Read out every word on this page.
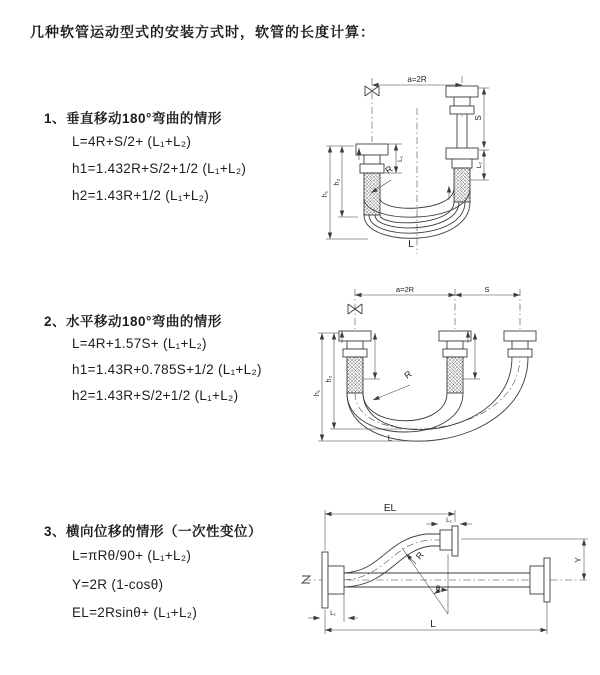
几种软管运动型式的安装方式时，软管的长度计算：
1、垂直移动180°弯曲的情形
L=4R+S/2+ (L₁+L₂)
h1=1.432R+S/2+1/2 (L₁+L₂)
h2=1.43R+1/2 (L₁+L₂)
2、水平移动180°弯曲的情形
L=4R+1.57S+ (L₁+L₂)
h1=1.43R+0.785S+1/2 (L₁+L₂)
h2=1.43R+S/2+1/2 (L₁+L₂)
3、横向位移的情形（一次性变位）
L=πRθ/90+ (L₁+L₂)
Y=2R (1-cosθ)
EL=2Rsinθ+ (L₁+L₂)
a=2R
S
L₂
h₁
h₂
L₁
R
L
a=2R	S
h₁
h₂	R
L
θ
EL
L₁
Y
L
L₁
R
